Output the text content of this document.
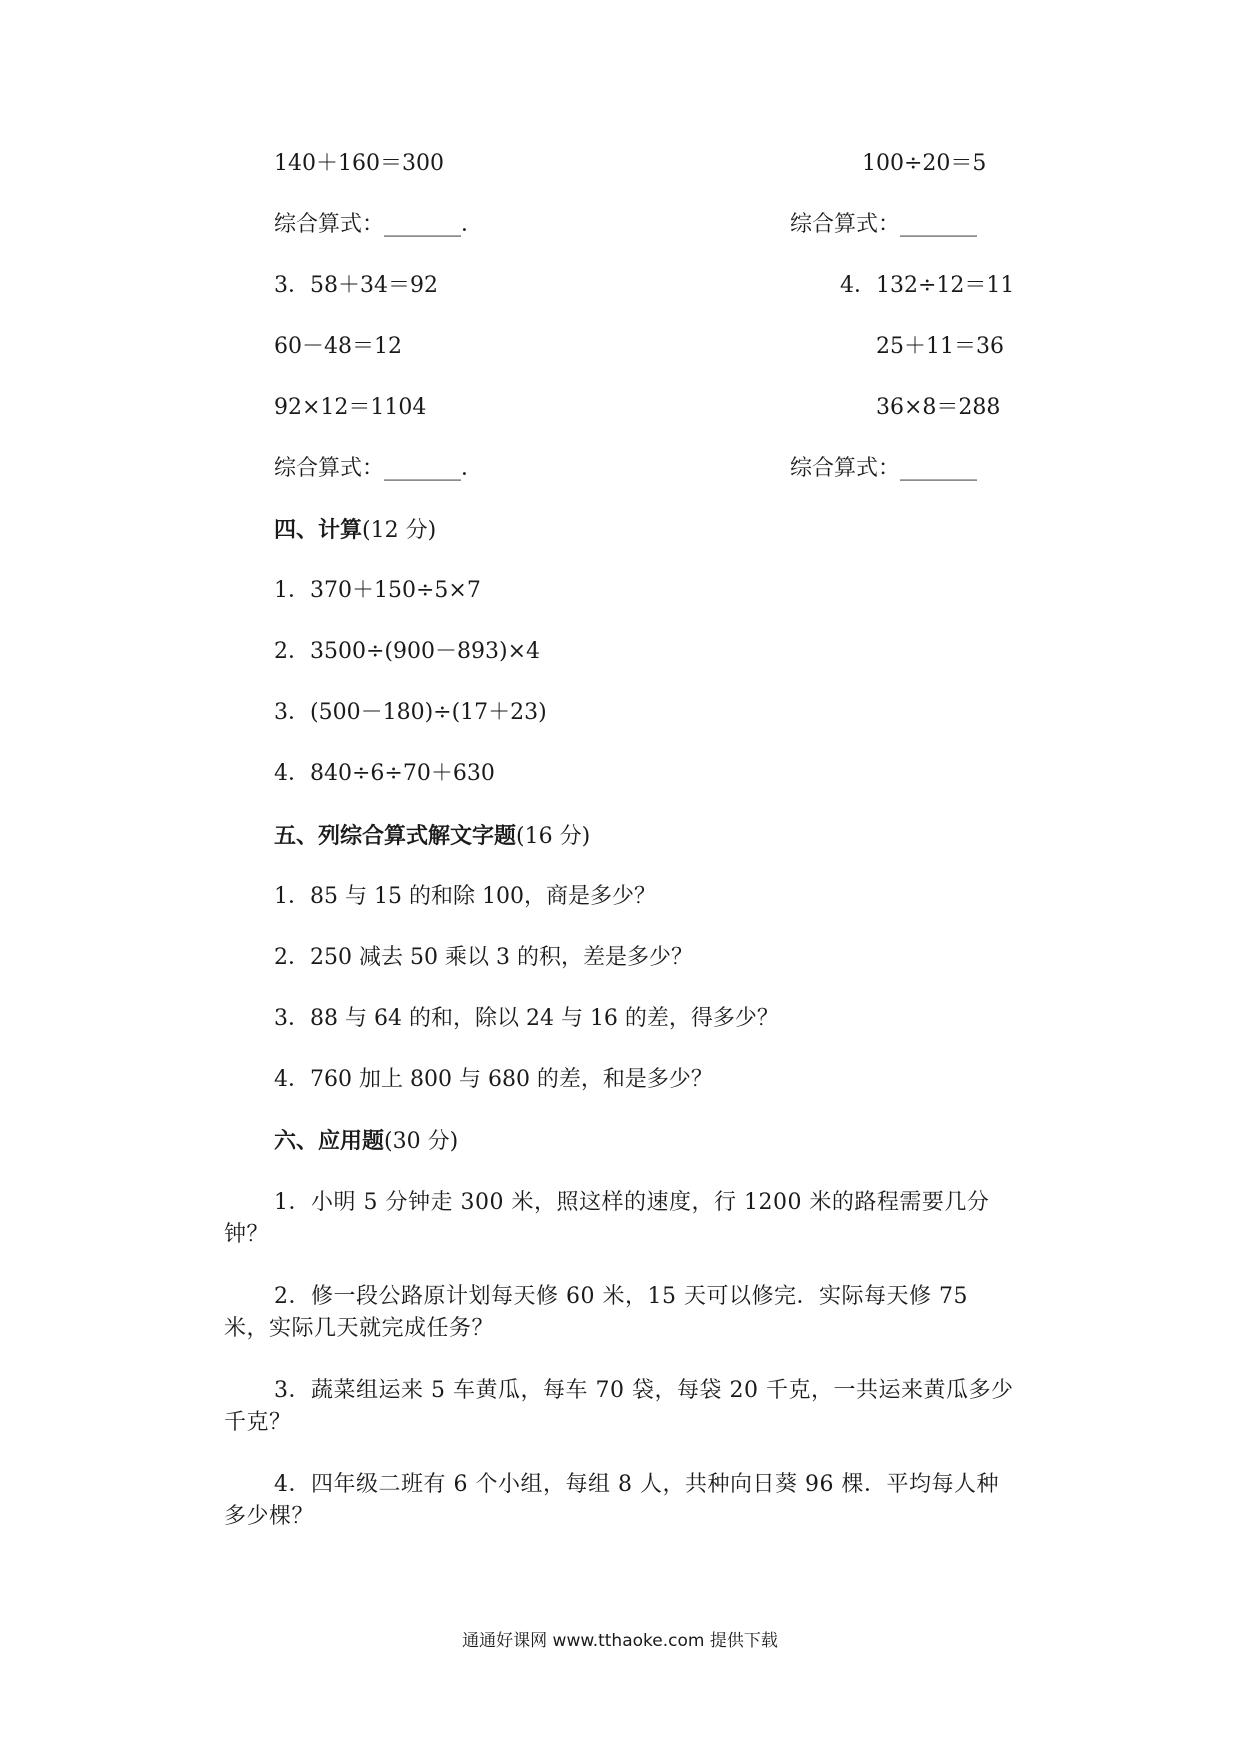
140＋160＝300	100÷20＝5
综合算式：_______．	综合算式：_______
3．58＋34＝92	4．132÷12＝11
60－48＝12	25＋11＝36
92×12＝1104	36×8＝288
综合算式：_______．	综合算式：_______
四、计算(12 分)
1．370＋150÷5×7
2．3500÷(900－893)×4
3．(500－180)÷(17＋23)
4．840÷6÷70＋630
五、列综合算式解文字题(16 分)
1．85 与 15 的和除 100，商是多少？
2．250 减去 50 乘以 3 的积，差是多少？
3．88 与 64 的和，除以 24 与 16 的差，得多少？
4．760 加上 800 与 680 的差，和是多少？
六、应用题(30 分)
1．小明 5 分钟走 300 米，照这样的速度，行 1200 米的路程需要几分钟？
2．修一段公路原计划每天修 60 米，15 天可以修完．实际每天修 75 米，实际几天就完成任务？
3．蔬菜组运来 5 车黄瓜，每车 70 袋，每袋 20 千克，一共运来黄瓜多少千克？
4．四年级二班有 6 个小组，每组 8 人，共种向日葵 96 棵．平均每人种多少棵？
通通好课网 www.tthaoke.com 提供下载
